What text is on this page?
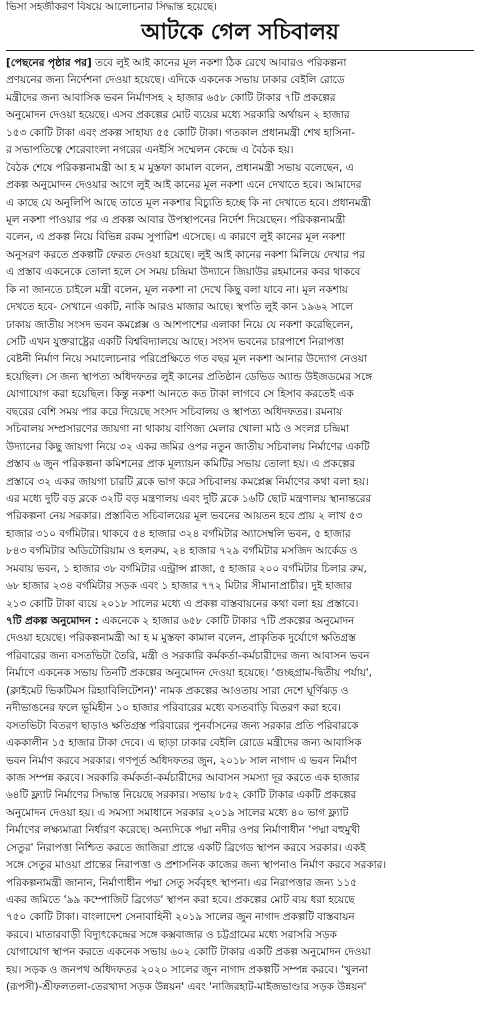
ভিসা সহজীকরণ বিষয়ে আলোচনার সিদ্ধান্ত হয়েছে।
আটকে গেল সচিবালয়
[পেছনের পৃষ্ঠার পর] তবে লুই আই কানের মূল নকশা ঠিক রেখে আবারও পরিকল্পনা
প্রণয়নের জন্য নির্দেশনা দেওয়া হয়েছে। এদিকে একনেক সভায় ঢাকার বেইলি রোডে
মন্ত্রীদের জন্য আবাসিক ভবন নির্মাণসহ ২ হাজার ৬৫৮ কোটি টাকার ৭টি প্রকল্পের
অনুমোদন দেওয়া হয়েছে। এসব প্রকল্পের মোট ব্যয়ের মধ্যে সরকারি অর্থায়ন ২ হাজার
১৫৩ কোটি টাকা এবং প্রকল্প সাহায্য ৫৫ কোটি টাকা। গতকাল প্রধানমন্ত্রী শেখ হাসিনা-
র সভাপতিত্বে শেরেবাংলা নগরের এনইসি সম্মেলন কেন্দ্রে এ বৈঠক হয়।
বৈঠক শেষে পরিকল্পনামন্ত্রী আ হ ম মুস্তফা কামাল বলেন, প্রধানমন্ত্রী সভায় বলেছেন, এ
প্রকল্প অনুমোদন দেওয়ার আগে লুই আই কানের মূল নকশা এনে দেখাতে হবে। আমাদের
এ কাছে যে অনুলিপি আছে তাতে মূল নকশার বিচ্যুতি হচ্ছে কি না দেখাতে হবে। প্রধানমন্ত্রী
মূল নকশা পাওয়ার পর এ প্রকল্প আবার উপস্থাপনের নির্দেশ দিয়েছেন। পরিকল্পনামন্ত্রী
বলেন, এ প্রকল্প নিয়ে বিভিন্ন রকম সুপারিশ এসেছে। এ কারণে লুই কানের মূল নকশা
অনুসরণ করতে প্রকল্পটি ফেরত দেওয়া হয়েছে। লুই আই কানের নকশা মিলিয়ে দেখার পর
এ প্রস্তাব একনেকে তোলা হলে সে সময় চন্দ্রিমা উদ্যানে জিয়াউর রহমানের কবর থাকবে
কি না জানতে চাইলে মন্ত্রী বলেন, মূল নকশা না দেখে কিছু বলা যাবে না। মূল নকশায়
দেখতে হবে- সেখানে একটি, নাকি আরও মাজার আছে। স্থপতি লুই কান ১৯৬২ সালে
ঢাকায় জাতীয় সংসদ ভবন কমপ্লেক্স ও আশপাশের এলাকা নিয়ে যে নকশা করেছিলেন,
সেটি এখন যুক্তরাষ্ট্রের একটি বিশ্ববিদ্যালয়ে আছে। সংসদ ভবনের চারপাশে নিরাপত্তা
বেষ্টনী নির্মাণ নিয়ে সমালোচনার পরিপ্রেক্ষিতে গত বছর মূল নকশা আনার উদ্যোগ নেওয়া
হয়েছিল। সে জন্য স্থাপত্য অধিদফতর লুই কানের প্রতিষ্ঠান ডেভিড অ্যান্ড উইজডমের সঙ্গে
যোগাযোগ করা হয়েছিল। কিন্তু নকশা আনতে কত টাকা লাগবে সে হিসাব করতেই এক
বছরের বেশি সময় পার করে দিয়েছে সংসদ সচিবালয় ও স্থাপত্য অধিদফতর। রমনায়
সচিবালয় সম্প্রসারণের জায়গা না থাকায় বাণিজ্য মেলার খোলা মাঠ ও সংলগ্ন চন্দ্রিমা
উদ্যানের কিছু জায়গা নিয়ে ৩২ একর জমির ওপর নতুন জাতীয় সচিবালয় নির্মাণের একটি
প্রস্তাব ৬ জুন পরিকল্পনা কমিশনের প্রাক মূল্যায়ন কমিটির সভায় তোলা হয়। এ প্রকল্পের
প্রস্তাবে ৩২ একর জায়গা চারটি ব্লকে ভাগ করে সচিবালয় কমপ্লেক্স নির্মাণের কথা বলা হয়।
এর মধ্যে দুটি বড় ব্লকে ৩২টি বড় মন্ত্রণালয় এবং দুটি ব্লকে ১৬টি ছোট মন্ত্রণালয় স্থানান্তরের
পরিকল্পনা নেয় সরকার। প্রস্তাবিত সচিবালয়ের মূল ভবনের আয়তন হবে প্রায় ২ লাখ ৫৩
হাজার ৩১০ বর্গমিটার। থাকবে ৫৪ হাজার ৩২৪ বর্গমিটার অ্যাসেম্বলি ভবন, ৫ হাজার
৮৪৩ বর্গমিটার অডিটোরিয়াম ও হলরুম, ২৪ হাজার ৭২৯ বর্গমিটার মসজিদ আর্কেড ও
সমবায় ভবন, ১ হাজার ৩৮ বর্গমিটার এন্ট্রান্স প্লাজা, ৫ হাজার ২০০ বর্গমিটার চিলার রুম,
৬৮ হাজার ২৩৪ বর্গমিটার সড়ক এবং ১ হাজার ৭৭২ মিটার সীমানাপ্রাচীর। দুই হাজার
২১৩ কোটি টাকা ব্যয়ে ২০১৮ সালের মধ্যে এ প্রকল্প বাস্তবায়নের কথা বলা হয় প্রস্তাবে।
৭টি প্রকল্প অনুমোদন : একনেকে ২ হাজার ৬৫৮ কোটি টাকার ৭টি প্রকল্পের অনুমোদন
দেওয়া হয়েছে। পরিকল্পনামন্ত্রী আ হ ম মুস্তফা কামাল বলেন, প্রাকৃতিক দুর্যোগে ক্ষতিগ্রস্ত
পরিবারের জন্য বসতভিটা তৈরি, মন্ত্রী ও সরকারি কর্মকর্তা-কর্মচারীদের জন্য আবাসন ভবন
নির্মাণে একনেক সভায় তিনটি প্রকল্পের অনুমোদন দেওয়া হয়েছে। ‘গুচ্ছগ্রাম-দ্বিতীয় পর্যায়',
(ক্লাইমেট ভিকটিমস রিহ্যাবিলিটেশন)' নামক প্রকল্পের আওতায় সারা দেশে ঘূর্ণিঝড় ও
নদীভাঙনের ফলে ভূমিহীন ১০ হাজার পরিবারের মধ্যে বসতবাড়ি বিতরণ করা হবে।
বসতভিটা বিতরণ ছাড়াও ক্ষতিগ্রস্ত পরিবারের পুনর্বাসনের জন্য সরকার প্রতি পরিবারকে
এককালীন ১৫ হাজার টাকা দেবে। এ ছাড়া ঢাকার বেইলি রোডে মন্ত্রীদের জন্য আবাসিক
ভবন নির্মাণ করবে সরকার। গণপূর্ত অধিদফতর জুন, ২০১৮ সাল নাগাদ এ ভবন নির্মাণ
কাজ সম্পন্ন করবে। সরকারি কর্মকর্তা-কর্মচারীদের আবাসন সমস্যা দূর করতে এক হাজার
৬৪টি ফ্ল্যাট নির্মাণের সিদ্ধান্ত নিয়েছে সরকার। সভায় ৮৫২ কোটি টাকার একটি প্রকল্পের
অনুমোদন দেওয়া হয়। এ সমস্যা সমাধানে সরকার ২০১৯ সালের মধ্যে ৪০ ভাগ ফ্ল্যাট
নির্মাণের লক্ষ্যমাত্রা নির্ধারণ করেছে। অন্যদিকে পদ্মা নদীর ওপর নির্মাণাধীন ‘পদ্মা বহুমুখী
সেতুর' নিরাপত্তা নিশ্চিত করতে জাজিরা প্রান্তে একটি ব্রিগেড স্থাপন করবে সরকার। একই
সঙ্গে সেতুর মাওয়া প্রান্তের নিরাপত্তা ও প্রশাসনিক কাজের জন্য স্থাপনাও নির্মাণ করবে সরকার।
পরিকল্পনামন্ত্রী জানান, নির্মাণাধীন পদ্মা সেতু সর্ববৃহৎ স্থাপনা। এর নিরাপত্তার জন্য ১১৫
একর জমিতে ‘৯৯ কম্পোজিট ব্রিগেড' স্থাপন করা হবে। প্রকল্পের মোট ব্যয় ধরা হয়েছে
৭৫০ কোটি টাকা। বাংলাদেশ সেনাবাহিনী ২০১৯ সালের জুন নাগাদ প্রকল্পটি বাস্তবায়ন
করবে। মাতারবাড়ী বিদ্যুৎকেন্দ্রের সঙ্গে কক্সবাজার ও চট্টগ্রামের মধ্যে সরাসরি সড়ক
যোগাযোগ স্থাপন করতে একনেক সভায় ৬০২ কোটি টাকার একটি প্রকল্প অনুমোদন দেওয়া
হয়। সড়ক ও জনপথ অধিদফতর ২০২০ সালের জুন নাগাদ প্রকল্পটি সম্পন্ন করবে। ‘খুলনা
(রূপসী)-শ্রীফলতলা-তেরখাদা সড়ক উন্নয়ন' এবং ‘নাজিরহাট-মাইজভাণ্ডার সড়ক উন্নয়ন'
